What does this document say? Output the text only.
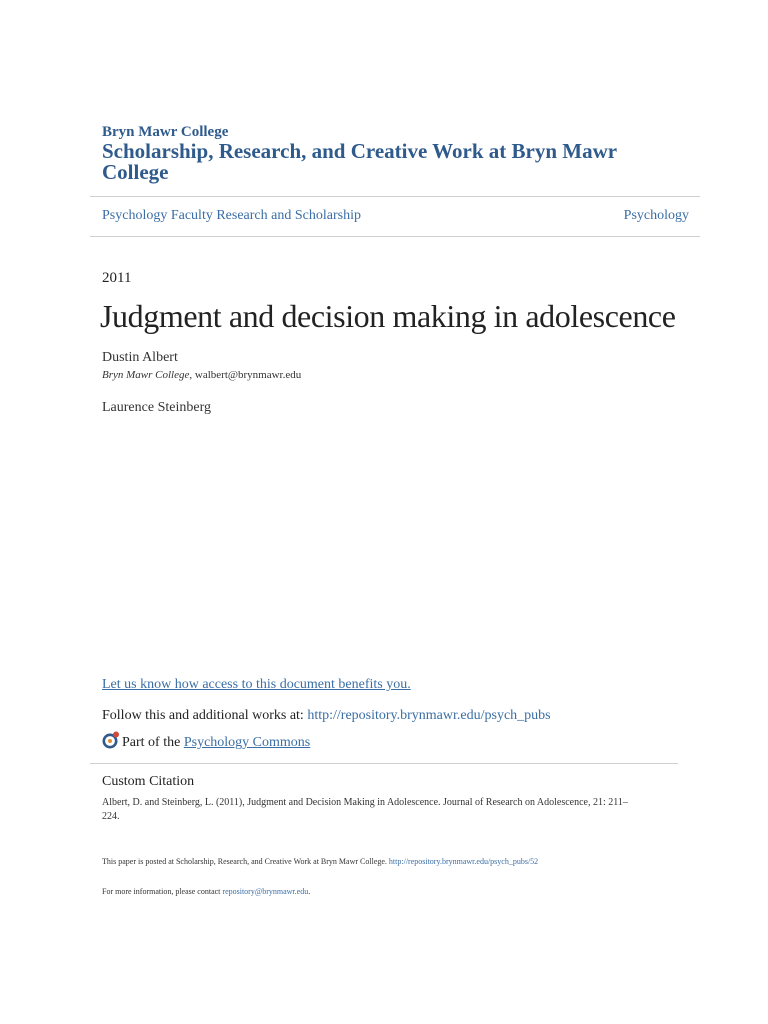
Bryn Mawr College
Scholarship, Research, and Creative Work at Bryn Mawr College
Psychology Faculty Research and Scholarship	Psychology
2011
Judgment and decision making in adolescence
Dustin Albert
Bryn Mawr College, walbert@brynmawr.edu
Laurence Steinberg
Let us know how access to this document benefits you.
Follow this and additional works at: http://repository.brynmawr.edu/psych_pubs
Part of the Psychology Commons
Custom Citation
Albert, D. and Steinberg, L. (2011), Judgment and Decision Making in Adolescence. Journal of Research on Adolescence, 21: 211–224.
This paper is posted at Scholarship, Research, and Creative Work at Bryn Mawr College. http://repository.brynmawr.edu/psych_pubs/52
For more information, please contact repository@brynmawr.edu.
